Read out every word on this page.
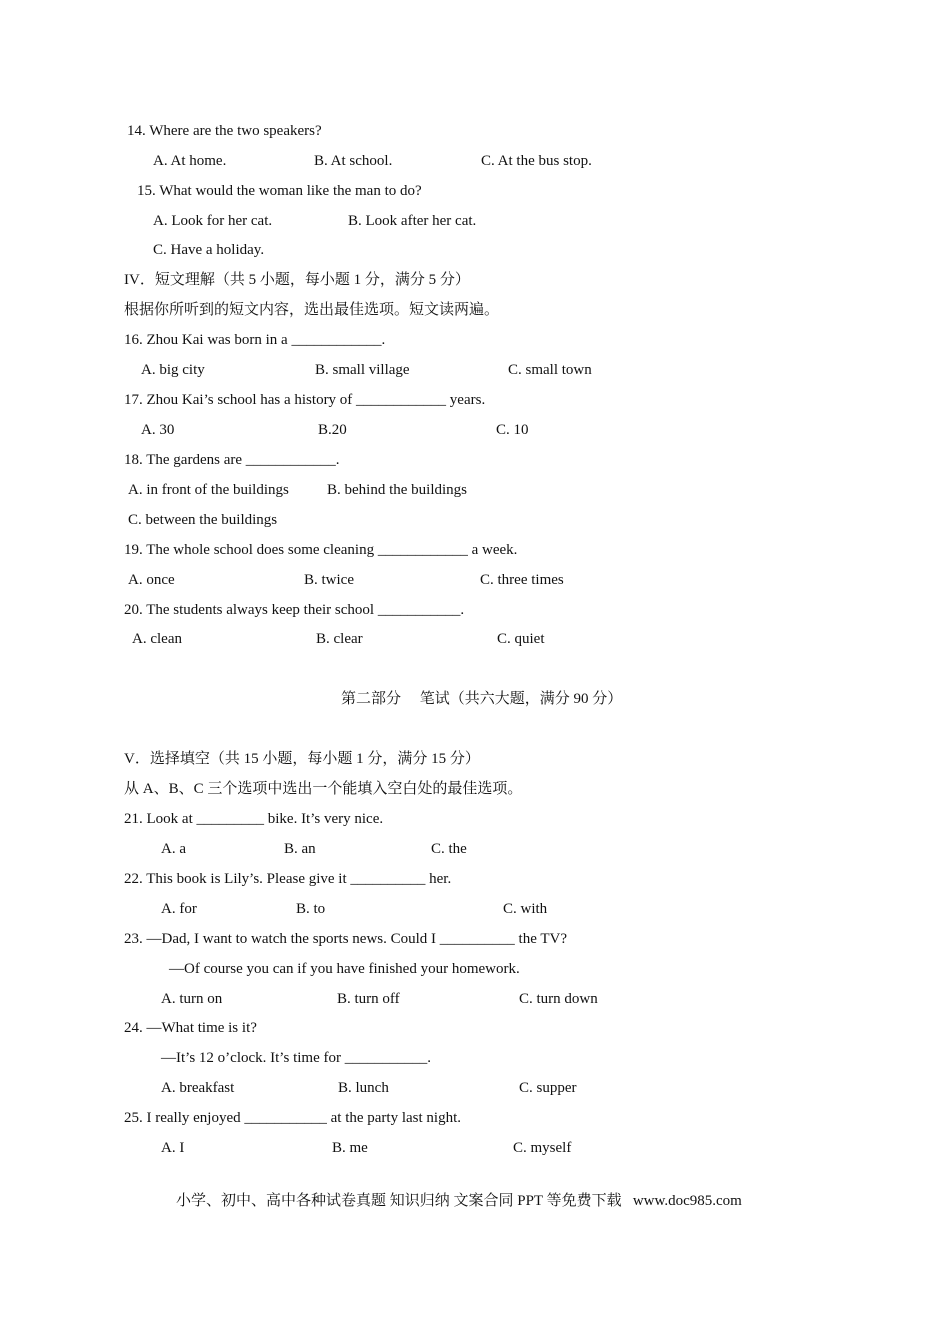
14. Where are the two speakers?
A. At home.	B. At school.	C. At the bus stop.
15. What would the woman like the man to do?
A. Look for her cat.	B. Look after her cat.
C. Have a holiday.
IV．短文理解（共 5 小题，每小题 1 分，满分 5 分）
根据你所听到的短文内容，选出最佳选项。短文读两遍。
16. Zhou Kai was born in a ____________.
A. big city	B. small village	C. small town
17. Zhou Kai’s school has a history of ____________ years.
A. 30	B.20	C. 10
18. The gardens are ____________.
A. in front of the buildings	B. behind the buildings
C. between the buildings
19. The whole school does some cleaning ____________ a week.
A. once	B. twice	C. three times
20. The students always keep their school ___________.
A. clean	B. clear	C. quiet
第二部分　 笔试（共六大题，满分 90 分）
V．选择填空（共 15 小题，每小题 1 分，满分 15 分）
从 A、B、C 三个选项中选出一个能填入空白处的最佳选项。
21. Look at _________ bike. It’s very nice.
A. a	B. an	C. the
22. This book is Lily’s. Please give it __________ her.
A. for	B. to	C. with
23. —Dad, I want to watch the sports news. Could I __________ the TV?
—Of course you can if you have finished your homework.
A. turn on	B. turn off	C. turn down
24. —What time is it?
—It’s 12 o’clock. It’s time for ___________.
A. breakfast	B. lunch	C. supper
25. I really enjoyed ___________ at the party last night.
A. I	B. me	C. myself
小学、初中、高中各种试卷真题 知识归纳 文案合同 PPT 等免费下载   www.doc985.com
